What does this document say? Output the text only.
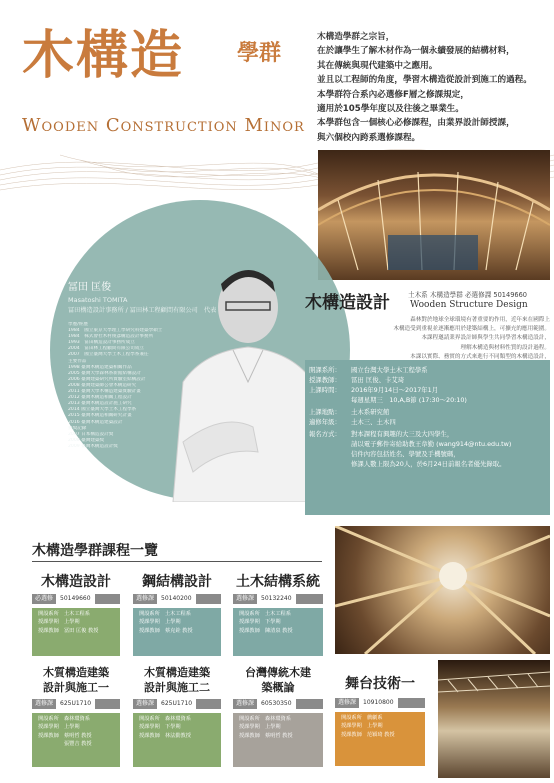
木構造 學群
Wooden Construction Minor

木構造學群之宗旨，

在於讓學生了解木材作為一個永續發展的結構材料，

其在傳統與現代建築中之應用。

並且以工程師的角度，學習木構造從設計到施工的過程。

本學群符合系內必選修F層之修課規定，

適用於105學年度以及往後之畢業生。

本學群包含一個核心必修課程，由業界設計師授課，

與六個校內跨系選修課程。

冨田 匡俊
Masatoshi TOMITA
冨田構造設計事務所 / 冨田林工程顧問有限公司　代表
學歷/經歷
1984　國立東京大學理工學研究科建築學碩士
1984　株式會社木村俊彥構造設計事務所
1993　冨田構造設計事務所成立
2004　冨田林工程顧問有限公司成立
2007　國立臺灣大學土木工程學系兼任
主要作品
1998 臺灣木構造建築相關作品
2005 臺灣大學森林系新館結構設計
2006 臺灣建築研究所實驗室結構設計
2008 臺灣建築師公會木構造研究
2011 臺灣大學木構造建築實驗計畫
2012 臺灣木構造相關工程設計
2013 臺灣木構造設計施工研究
2014 國立臺灣大學土木工程學系
2015 臺灣木構造相關研究計畫
2016 臺灣木構造建築設計
獲獎記錄
2007 日本構造設計獎
2008 臺灣建築獎
2009 臺灣木構造設計獎
木構造設計	土木系 木構造學群 必選修課 50149660
Wooden Structure Design

森林對於地球全球環境有著重要的作用，近年來在國際上

木構造受到重視並逐漸應用於建築結構上，可擴充的應用範圍。

本課程邀請業界設計師與學生共同學習木構造設計，

理解木構造與材料性質的設計過程。

本課以實際、務實的方式來進行不同類型的木構造設計，

開課系所： 國立台灣大學土木工程學系
授課教師： 冨田 匡俊、卡艾琦
上課時間： 2016年9月14日～2017年1月
每週星期三　10,A,B節 (17:30～20:10)
上課地點： 土木系研究館
適修年級： 土木三、土木四
報名方式： 對本課程有興趣的大三及大四學生，
請以電子郵件寄給助教王韋勤 (wang914@ntu.edu.tw)
信件內容包括姓名、學號及手機號碼，
修課人數上限為20人，於6月24日前報名者優先錄取。
木構造學群課程一覽
木構造設計
必選修 50149660
開設系所　土木工程系
授課學期　上學期
授課教師　冨田 匡俊 教授
鋼結構設計
選修課 50140200
開設系所　土木工程系
授課學期　上學期
授課教師　蔡克銓 教授
土木結構系統
選修課 50132240
開設系所　土木工程系
授課學期　下學期
授課教師　陳清泉 教授
木質構造建築設計與施工一
選修課 625U1710
開設系所　森林環資系
授課學期　上學期
授課教師　蔡明哲 教授
　　　　　張豐吉 教授
木質構造建築設計與施工二
選修課 625U1710
開設系所　森林環資系
授課學期　下學期
授課教師　林法勤教授
台灣傳統木建築概論
選修課 60530350
開設系所　森林環資系
授課學期　上學期
授課教師　蔡明哲 教授
舞台技術一
選修課 10910800
開設系所　戲劇系
授課學期　上學期
授課教師　范穎琦 教授
